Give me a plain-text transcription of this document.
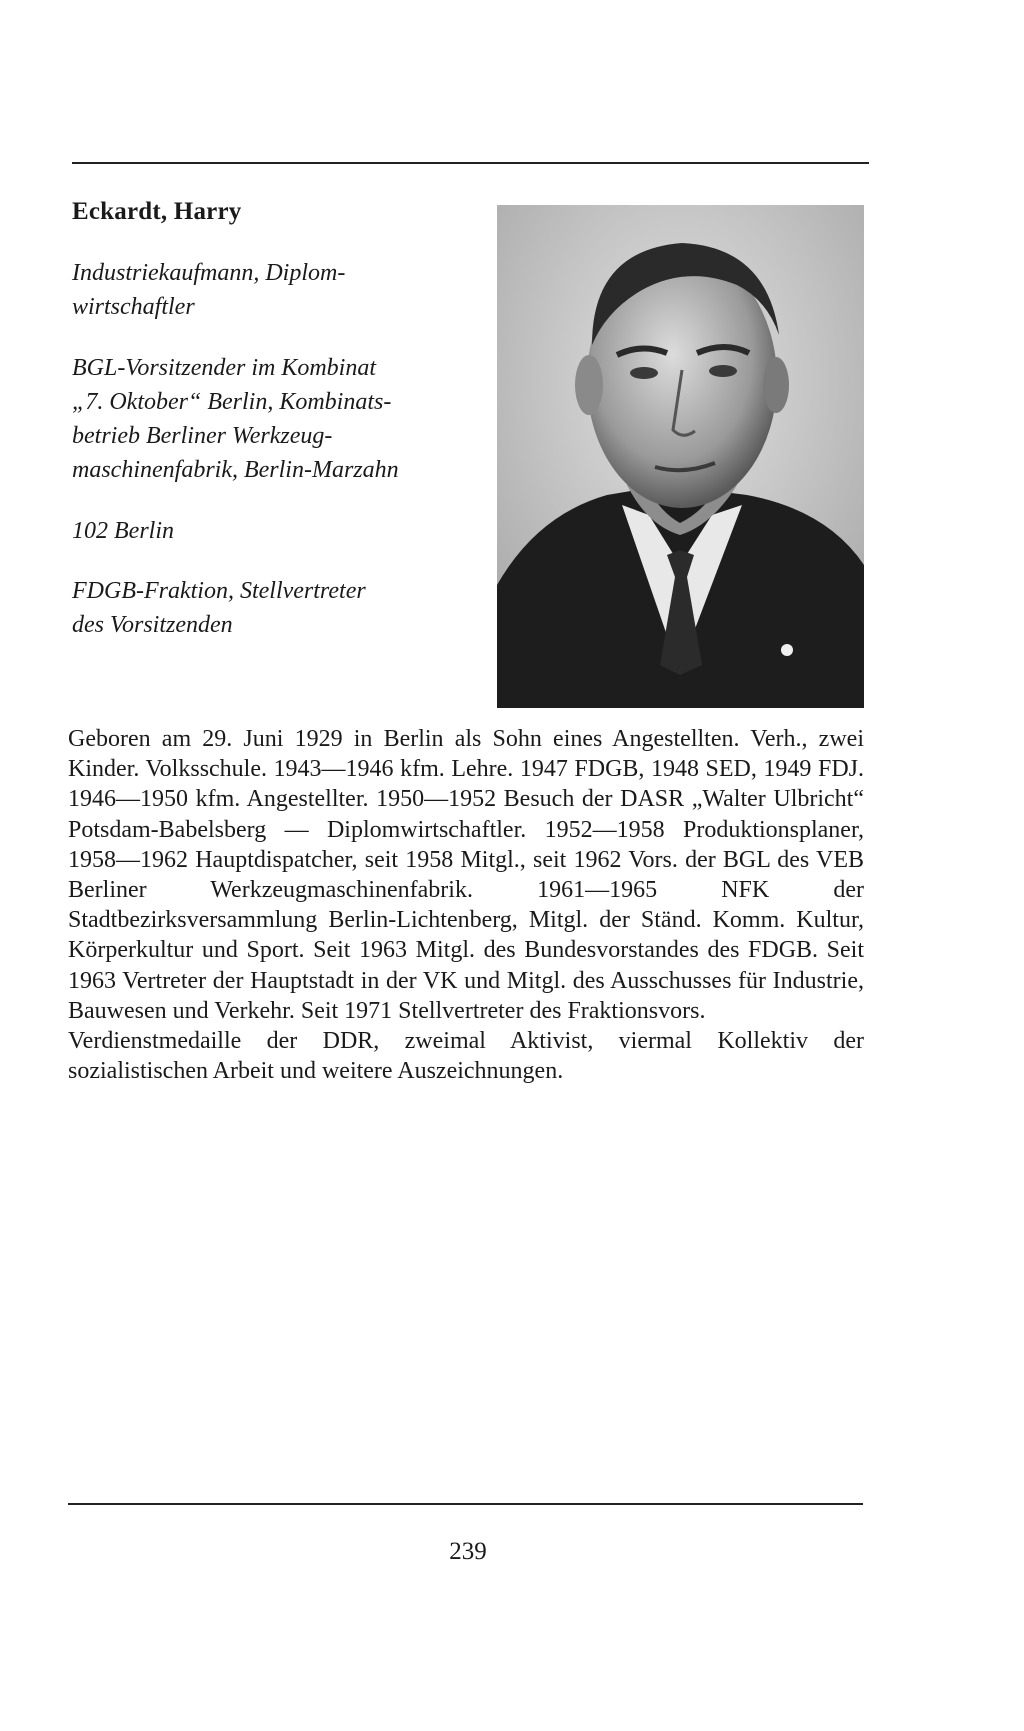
Eckardt, Harry
Industriekaufmann, Diplom-
wirtschaftler
BGL-Vorsitzender im Kombinat
„7. Oktober“ Berlin, Kombinats-
betrieb Berliner Werkzeug-
maschinenfabrik, Berlin-Marzahn
102 Berlin
FDGB-Fraktion, Stellvertreter
des Vorsitzenden

Geboren am 29. Juni 1929 in Berlin als Sohn eines Angestellten. Verh., zwei Kinder. Volksschule. 1943—1946 kfm. Lehre. 1947 FDGB, 1948 SED, 1949 FDJ. 1946—1950 kfm. Angestellter. 1950—1952 Besuch der DASR „Walter Ulbricht“ Potsdam-Babelsberg — Diplomwirtschaftler. 1952—1958 Produktionsplaner, 1958—1962 Hauptdispatcher, seit 1958 Mitgl., seit 1962 Vors. der BGL des VEB Berliner Werkzeugmaschinenfabrik. 1961—1965 NFK der Stadtbezirksversammlung Berlin-Lichtenberg, Mitgl. der Ständ. Komm. Kultur, Körperkultur und Sport. Seit 1963 Mitgl. des Bundesvorstandes des FDGB. Seit 1963 Vertreter der Hauptstadt in der VK und Mitgl. des Ausschusses für Industrie, Bauwesen und Verkehr. Seit 1971 Stellvertreter des Fraktionsvors.

Verdienstmedaille der DDR, zweimal Aktivist, viermal Kollektiv der sozialistischen Arbeit und weitere Auszeichnungen.

239
